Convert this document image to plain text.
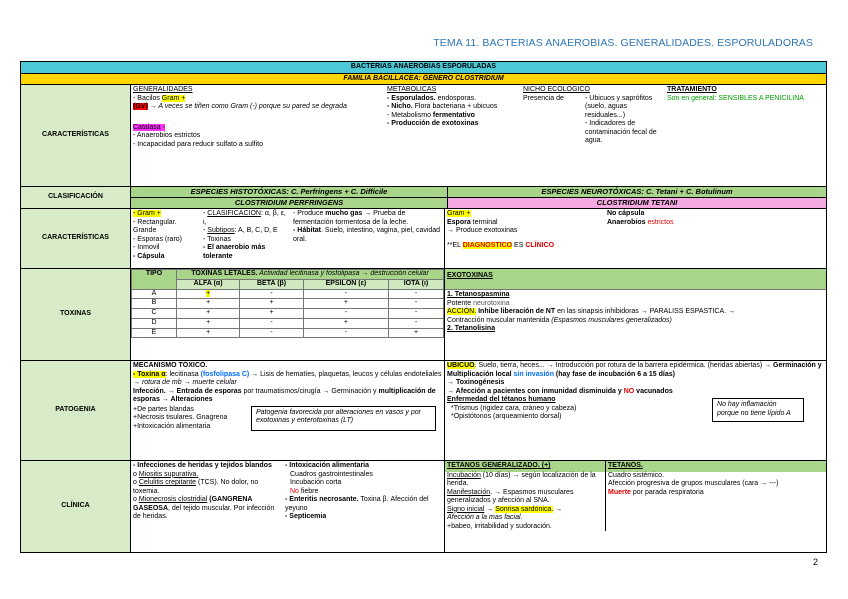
TEMA 11. BACTERIAS ANAEROBIAS. GENERALIDADES. ESPORULADORAS
BACTERIAS ANAEROBIAS ESPORULADAS
FAMILIA BACILLACEA: GÉNERO CLOSTRIDIUM
CARACTERÍSTICAS	
GENERALIDADES
- Bacilos Gram +
(GV) → A veces se tiñen como Gram (-) porque su pared se degrada
Catalasa -
- Anaerobios estrictos
- Incapacidad para reducir sulfato a sulfito
METABÓLICAS
- Esporulados. endosporas.
- Nicho. Flora bacteriana + ubicuos
- Metabolismo fermentativo
- Producción de exotoxinas
NICHO ECOLÓGICO
Presencia de	- Ubicuos y saprófitos (suelo, aguas residuales...)
- Indicadores de contaminación fecal de agua.
TRATAMIENTO
Son en general: SENSIBLES A PENICILINA

CLASIFICACIÓN	
ESPECIES HISTOTÓXICAS: C. Perfringens + C. Difficile	ESPECIES NEUROTÓXICAS: C. Tetani + C. Botulinum
CLOSTRIDIUM PERFRINGENS	CLOSTRIDIUM TETANI

CARACTERÍSTICAS	
- Gram +
- Rectangular.
Grande
- Esporas (raro)
- Inmovil
- Cápsula
- CLASIFICACION: α, β, ε,
ι,
- Subtipos: A, B, C, D, E
- Toxinas
- El anaerobio más tolerante
- Produce mucho gas → Prueba de fermentación tormentosa de la leche.
- Hábitat. Suelo, intestino, vagina, piel, cavidad oral.

Gram +
Espora terminal
→ Produce exotoxinas
No cápsula
Anaerobios estrictos
**EL DIAGNOSTICO ES CLÍNICO

TOXINAS	
TIPO	TOXINAS LETALES. Actividad lecitinasa y fosfolipasa → destrucción celular
ALFA (α)	BETA (β)	ÉPSILON (ε)	IOTA (ι)
A	+	-	-	-
B	+	+	+	-
C	+	+	-	-
D	+	-	+	-
E	+	-	-	+

EXOTOXINAS
1. Tetanospasmina
Potente neurotoxina
ACCIÓN. Inhibe liberación de NT en las sinapsis inhibidoras → PARALISS ESPASTICA. →
Contracción muscular mantenida (Espasmos musculares generalizados)
2. Tetanolisina

PATOGENIA	
MECANISMO TÓXICO.
- Toxina α: lecitinasa (fosfolipasa C) → Lisis de hematíes, plaquetas, leucos y células endoteliales → rotura de mb → muerte celular
Infección. → Entrada de esporas por traumatismos/cirugía → Germinación y multiplicación de esporas → Alteraciones
+De partes blandas
+Necrosis tisulares. Gnagrena
+Intoxicación alimentaria
Patogenia favorecida por alteraciones en vasos y por exotoxinas y enterotoxinas (LT)

UBICUO. Suelo, tierra, heces... → Introducción por rotura de la barrera epidérmica. (heridas abiertas) → Germinación y Multiplicación local sin invasión (hay fase de incubación 6 a 15 días)
→ Toxinogénesis
→ Afección a pacientes con inmunidad disminuida y NO vacunados
Enfermedad del tétanos humano
*Trismus (rigidez cara, cráneo y cabeza)
*Opistótonos (arqueamiento dorsal)
No hay inflamación porque no tiene lípido A

CLÍNICA	
- Infecciones de heridas y tejidos blandos
o Miositis supurativa.
o Celulitis crepitante (TCS). No dolor, no toxemia.
o Mionecrosis clostridial (GANGRENA GASEOSA, del tejido muscular. Por infección de heridas.
- Intoxicación alimentaria
Cuadros gastrointestinales
Incubación corta
No fiebre
- Enteritis necrosante. Toxina β. Afección del yeyuno
- Septicemia

TETANOS GENERALIZADO. (+)
Incubación (10 días) → según localización de la herida.
Manifestación. → Espasmos musculares generalizados y afección al SNA.
Signo inicial → Sonrisa sardónica. →
Afección a la mas facial.
+babeo, irritabilidad y sudoración.
TETANOS.
Cuadro sistémico.
Afección progresiva de grupos musculares (cara → ---)
Muerte por parada respiratoria
2
